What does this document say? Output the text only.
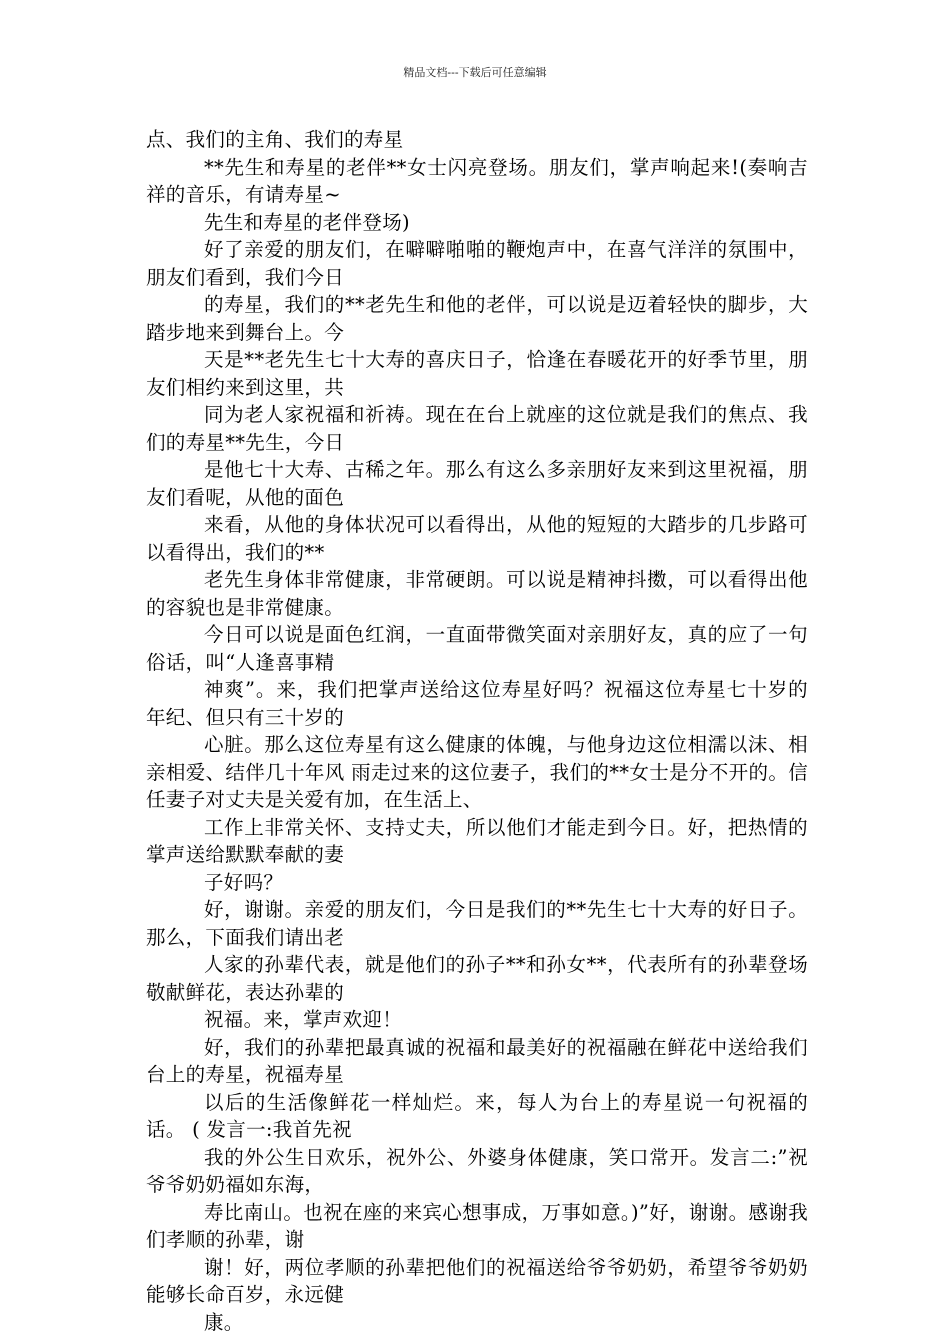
精品文档---下载后可任意编辑

点、我们的主角、我们的寿星

**先生和寿星的老伴**女士闪亮登场。朋友们，掌声响起来!(奏响吉祥的音乐，有请寿星~

先生和寿星的老伴登场)

好了亲爱的朋友们，在噼噼啪啪的鞭炮声中，在喜气洋洋的氛围中，朋友们看到，我们今日

的寿星，我们的**老先生和他的老伴，可以说是迈着轻快的脚步，大踏步地来到舞台上。今

天是**老先生七十大寿的喜庆日子，恰逢在春暖花开的好季节里，朋友们相约来到这里，共

同为老人家祝福和祈祷。现在在台上就座的这位就是我们的焦点、我们的寿星**先生，今日

是他七十大寿、古稀之年。那么有这么多亲朋好友来到这里祝福，朋友们看呢，从他的面色

来看，从他的身体状况可以看得出，从他的短短的大踏步的几步路可以看得出，我们的**

老先生身体非常健康，非常硬朗。可以说是精神抖擞，可以看得出他的容貌也是非常健康。

今日可以说是面色红润，一直面带微笑面对亲朋好友，真的应了一句俗话，叫“人逢喜事精

神爽”。来，我们把掌声送给这位寿星好吗？祝福这位寿星七十岁的年纪、但只有三十岁的

心脏。那么这位寿星有这么健康的体魄，与他身边这位相濡以沫、相亲相爱、结伴几十年风 雨走过来的这位妻子，我们的**女士是分不开的。信任妻子对丈夫是关爱有加，在生活上、

工作上非常关怀、支持丈夫，所以他们才能走到今日。好，把热情的掌声送给默默奉献的妻

子好吗？

好，谢谢。亲爱的朋友们，今日是我们的**先生七十大寿的好日子。那么，下面我们请出老

人家的孙辈代表，就是他们的孙子**和孙女**，代表所有的孙辈登场敬献鲜花，表达孙辈的

祝福。来，掌声欢迎！

好，我们的孙辈把最真诚的祝福和最美好的祝福融在鲜花中送给我们台上的寿星，祝福寿星

以后的生活像鲜花一样灿烂。来，每人为台上的寿星说一句祝福的话。 ( 发言一:我首先祝

我的外公生日欢乐，祝外公、外婆身体健康，笑口常开。发言二:”祝爷爷奶奶福如东海，

寿比南山。也祝在座的来宾心想事成，万事如意。)”好，谢谢。感谢我们孝顺的孙辈，谢

谢！好，两位孝顺的孙辈把他们的祝福送给爷爷奶奶，希望爷爷奶奶能够长命百岁，永远健

康。
